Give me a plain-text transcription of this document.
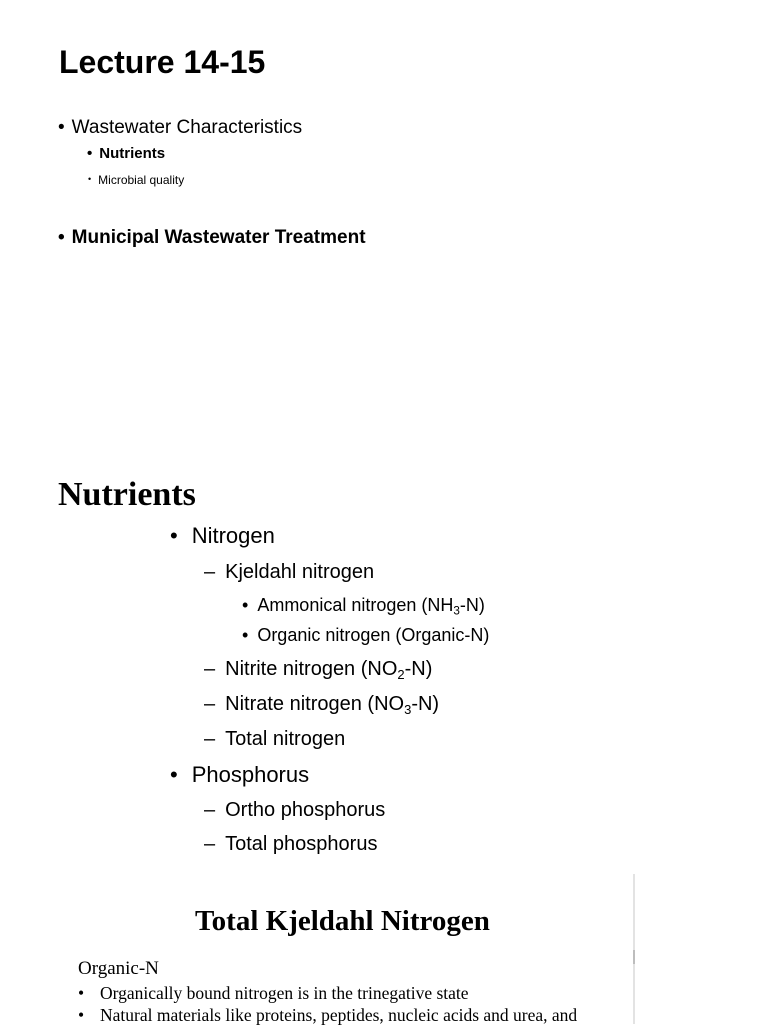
Lecture 14-15
• Wastewater Characteristics
• Nutrients
• Microbial quality
• Municipal Wastewater Treatment
Nutrients
• Nitrogen
– Kjeldahl nitrogen
• Ammonical nitrogen $(NH_3-N)$
• Organic nitrogen (Organic-N)
– Nitrite nitrogen $(NO_2-N)$
– Nitrate nitrogen $(NO_3-N)$
– Total nitrogen
• Phosphorus
– Ortho phosphorus
– Total phosphorus
Total Kjeldahl Nitrogen
Organic-N
• Organically bound nitrogen is in the trinegative state
• Natural materials like proteins, peptides, nucleic acids and urea, and
